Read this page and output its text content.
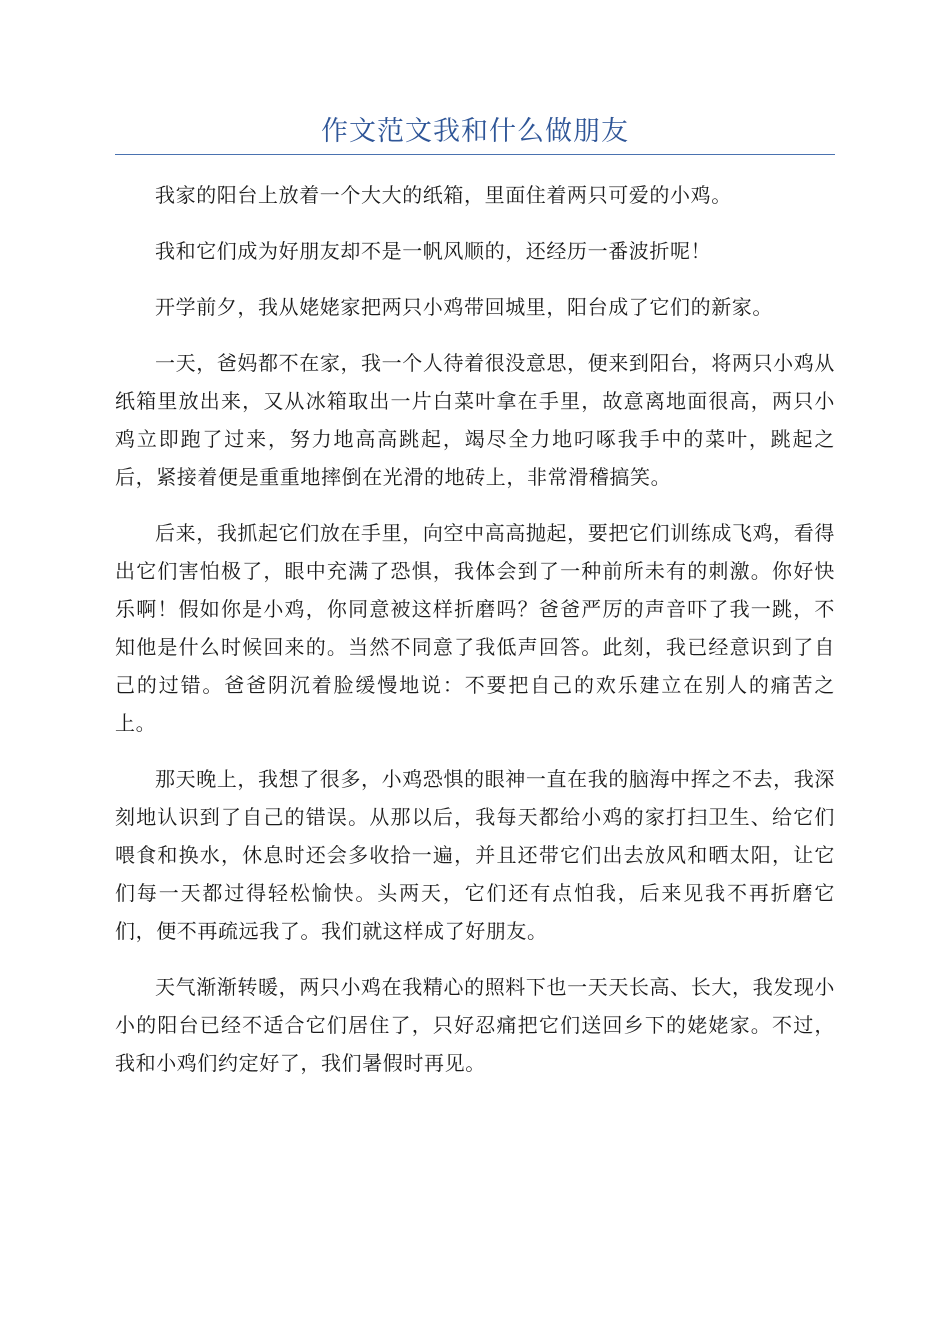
作文范文我和什么做朋友

我家的阳台上放着一个大大的纸箱，里面住着两只可爱的小鸡。

我和它们成为好朋友却不是一帆风顺的，还经历一番波折呢！

开学前夕，我从姥姥家把两只小鸡带回城里，阳台成了它们的新家。

一天，爸妈都不在家，我一个人待着很没意思，便来到阳台，将两只小鸡从纸箱里放出来，又从冰箱取出一片白菜叶拿在手里，故意离地面很高，两只小鸡立即跑了过来，努力地高高跳起，竭尽全力地叼啄我手中的菜叶，跳起之后，紧接着便是重重地摔倒在光滑的地砖上，非常滑稽搞笑。

后来，我抓起它们放在手里，向空中高高抛起，要把它们训练成飞鸡，看得出它们害怕极了，眼中充满了恐惧，我体会到了一种前所未有的刺激。你好快乐啊！假如你是小鸡，你同意被这样折磨吗？爸爸严厉的声音吓了我一跳，不知他是什么时候回来的。当然不同意了我低声回答。此刻，我已经意识到了自己的过错。爸爸阴沉着脸缓慢地说：不要把自己的欢乐建立在别人的痛苦之上。

那天晚上，我想了很多，小鸡恐惧的眼神一直在我的脑海中挥之不去，我深刻地认识到了自己的错误。从那以后，我每天都给小鸡的家打扫卫生、给它们喂食和换水，休息时还会多收拾一遍，并且还带它们出去放风和晒太阳，让它们每一天都过得轻松愉快。头两天，它们还有点怕我，后来见我不再折磨它们，便不再疏远我了。我们就这样成了好朋友。

天气渐渐转暖，两只小鸡在我精心的照料下也一天天长高、长大，我发现小小的阳台已经不适合它们居住了，只好忍痛把它们送回乡下的姥姥家。不过，我和小鸡们约定好了，我们暑假时再见。
